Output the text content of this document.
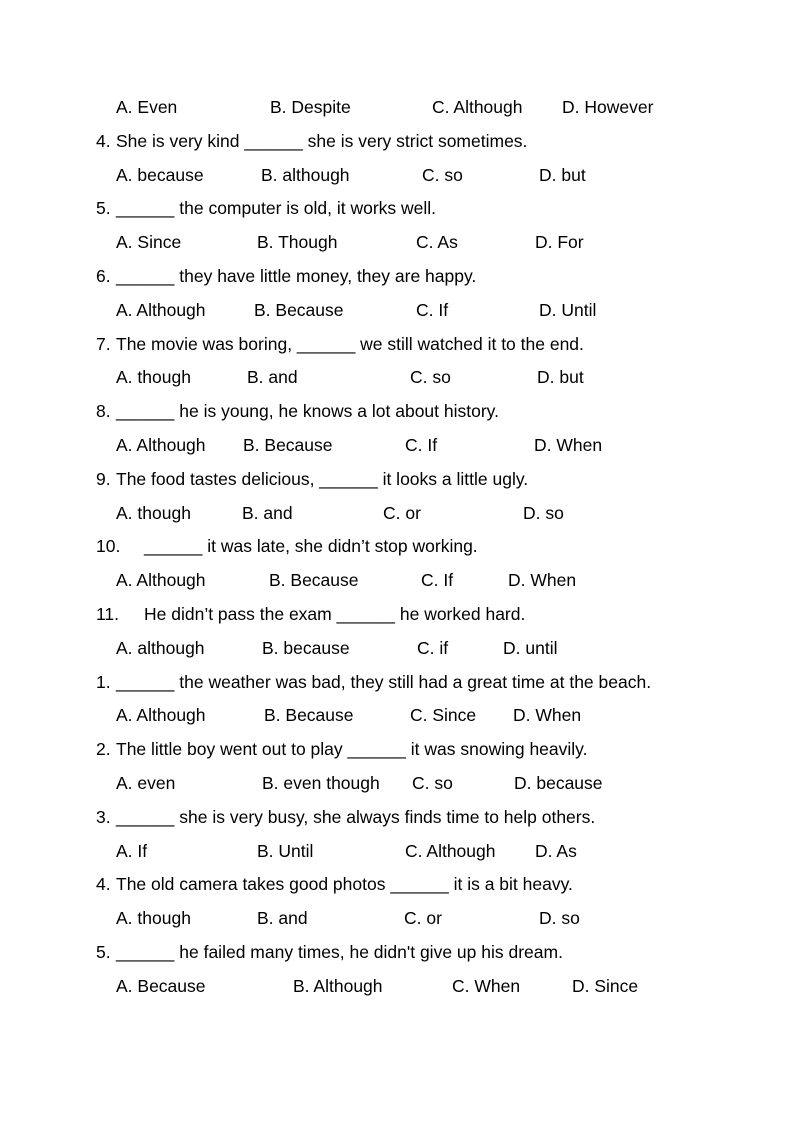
A. Even	B. Despite	C. Although D. However
4. She is very kind ______ she is very strict sometimes.
A. because	B. although	C. so	D. but
5. ______ the computer is old, it works well.
A. Since	B. Though	C. As	D. For
6. ______ they have little money, they are happy.
A. Although	B. Because	C. If	D. Until
7. The movie was boring, ______ we still watched it to the end.
A. though	B. and	C. so	D. but
8. ______ he is young, he knows a lot about history.
A. Although B. Because	C. If	D. When
9. The food tastes delicious, ______ it looks a little ugly.
A. though	B. and	C. or	D. so
10. ______ it was late, she didn’t stop working.
A. Although	B. Because	C. If	D. When
11. He didn’t pass the exam ______ he worked hard.
A. although	B. because	C. if	D. until
1. ______ the weather was bad, they still had a great time at the beach.
A. Although	B. Because	C. Since D. When
2. The little boy went out to play ______ it was snowing heavily.
A. even	B. even though C. so	D. because
3. ______ she is very busy, she always finds time to help others.
A. If	B. Until	C. Although D. As
4. The old camera takes good photos ______ it is a bit heavy.
A. though	B. and	C. or	D. so
5. ______ he failed many times, he didn't give up his dream.
A. Because	B. Although	C. When	D. Since
